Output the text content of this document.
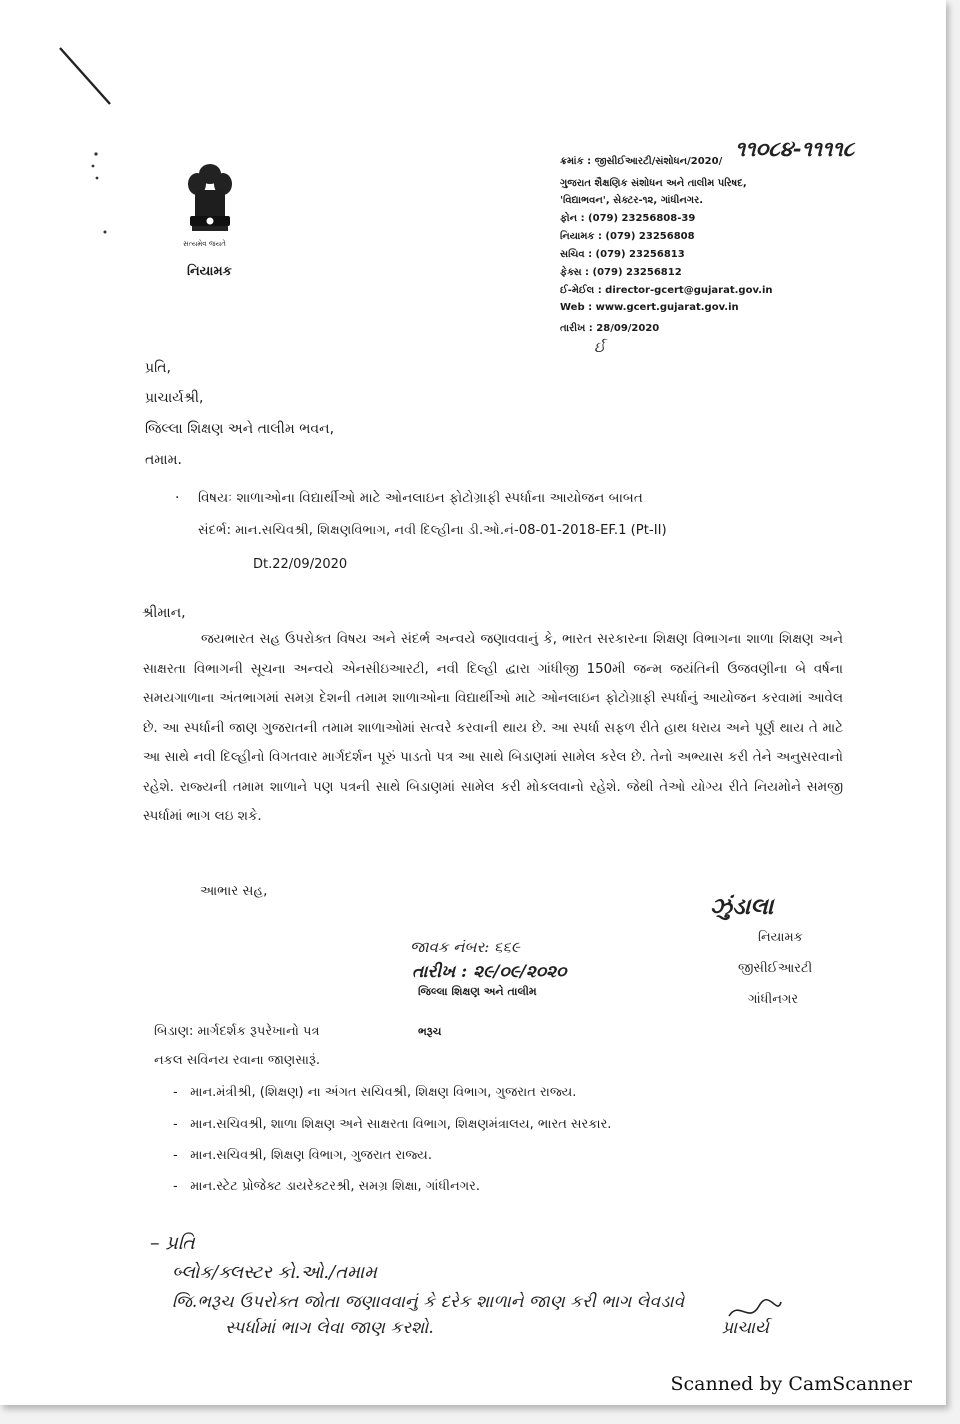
સત્યમેવ જયતે
નિયામક
ક્રમાંક : જીસીઈઆરટી/સંશોધન/2020/
૧૧૦૮૪-૧૧૧૧૮
ગુજરાત શૈક્ષણિક સંશોધન અને તાલીમ પરિષદ,
'વિદ્યાભવન', સેક્ટર-૧૨, ગાંધીનગર.
ફોન : (079) 23256808-39
નિયામક : (079) 23256808
સચિવ : (079) 23256813
ફેક્સ : (079) 23256812
ઈ-મેઈલ : director-gcert@gujarat.gov.in
Web : www.gcert.gujarat.gov.in
તારીખ : 28/09/2020
ર્ઇ
પ્રતિ,
પ્રાચાર્યશ્રી,
જિલ્લા શિક્ષણ અને તાલીમ ભવન,
તમામ.
· વિષયઃ શાળાઓના વિદ્યાર્થીઓ માટે ઓનલાઇન ફોટોગ્રાફી સ્પર્ધાના આયોજન બાબત
સંદર્ભ: માન.સચિવશ્રી, શિક્ષણવિભાગ, નવી દિલ્હીના ડી.ઓ.નં-08-01-2018-EF.1 (Pt-II)
Dt.22/09/2020
શ્રીમાન,
જયભારત સહ ઉપરોક્ત વિષય અને સંદર્ભ અન્વયે જણાવવાનું કે, ભારત સરકારના શિક્ષણ વિભાગના શાળા શિક્ષણ અને સાક્ષરતા વિભાગની સૂચના અન્વયે એનસીઇઆરટી, નવી દિલ્હી દ્વારા ગાંધીજી 150મી જન્મ જયંતિની ઉજવણીના બે વર્ષના સમયગાળાના અંતભાગમાં સમગ્ર દેશની તમામ શાળાઓના વિદ્યાર્થીઓ માટે ઓનલાઇન ફોટોગ્રાફી સ્પર્ધાનું આયોજન કરવામાં આવેલ છે. આ સ્પર્ધાની જાણ ગુજરાતની તમામ શાળાઓમાં સત્વરે કરવાની થાય છે. આ સ્પર્ધા સફળ રીતે હાથ ધરાય અને પૂર્ણ થાય તે માટે આ સાથે નવી દિલ્હીનો વિગતવાર માર્ગદર્શન પૂરું પાડતો પત્ર આ સાથે બિડાણમાં સામેલ કરેલ છે. તેનો અભ્યાસ કરી તેને અનુસરવાનો રહેશે. રાજ્યની તમામ શાળાને પણ પત્રની સાથે બિડાણમાં સામેલ કરી મોકલવાનો રહેશે. જેથી તેઓ યોગ્ય રીતે નિયમોને સમજી સ્પર્ધામાં ભાગ લઇ શકે.
આભાર સહ,
ઝુંડાલા
નિયામક
જીસીઈઆરટી
ગાંધીનગર
જાવક નંબર: ૬૬૯
તારીખ : ૨૯/૦૯/૨૦૨૦
જિલ્લા શિક્ષણ અને તાલીમ
ભરૂચ
બિડાણ: માર્ગદર્શક રૂપરેખાનો પત્ર
નકલ સવિનય રવાના જાણસારૂં.
-   માન.મંત્રીશ્રી, (શિક્ષણ) ના અંગત સચિવશ્રી, શિક્ષણ વિભાગ, ગુજરાત રાજ્ય.
-   માન.સચિવશ્રી, શાળા શિક્ષણ અને સાક્ષરતા વિભાગ, શિક્ષણમંત્રાલય, ભારત સરકાર.
-   માન.સચિવશ્રી, શિક્ષણ વિભાગ, ગુજરાત રાજ્ય.
-   માન.સ્ટેટ પ્રોજેક્ટ ડાયરેક્ટરશ્રી, સમગ્ર શિક્ષા, ગાંધીનગર.
– પ્રતિ
બ્લોક/ક્લસ્ટર કો.ઓ./તમામ
જિ.ભરૂચ ઉપરોક્ત જોતા જણાવવાનું કે દરેક શાળાને જાણ કરી ભાગ લેવડાવે
સ્પર્ધામાં ભાગ લેવા જાણ કરશો.	પ્રાચાર્ય
Scanned by CamScanner
